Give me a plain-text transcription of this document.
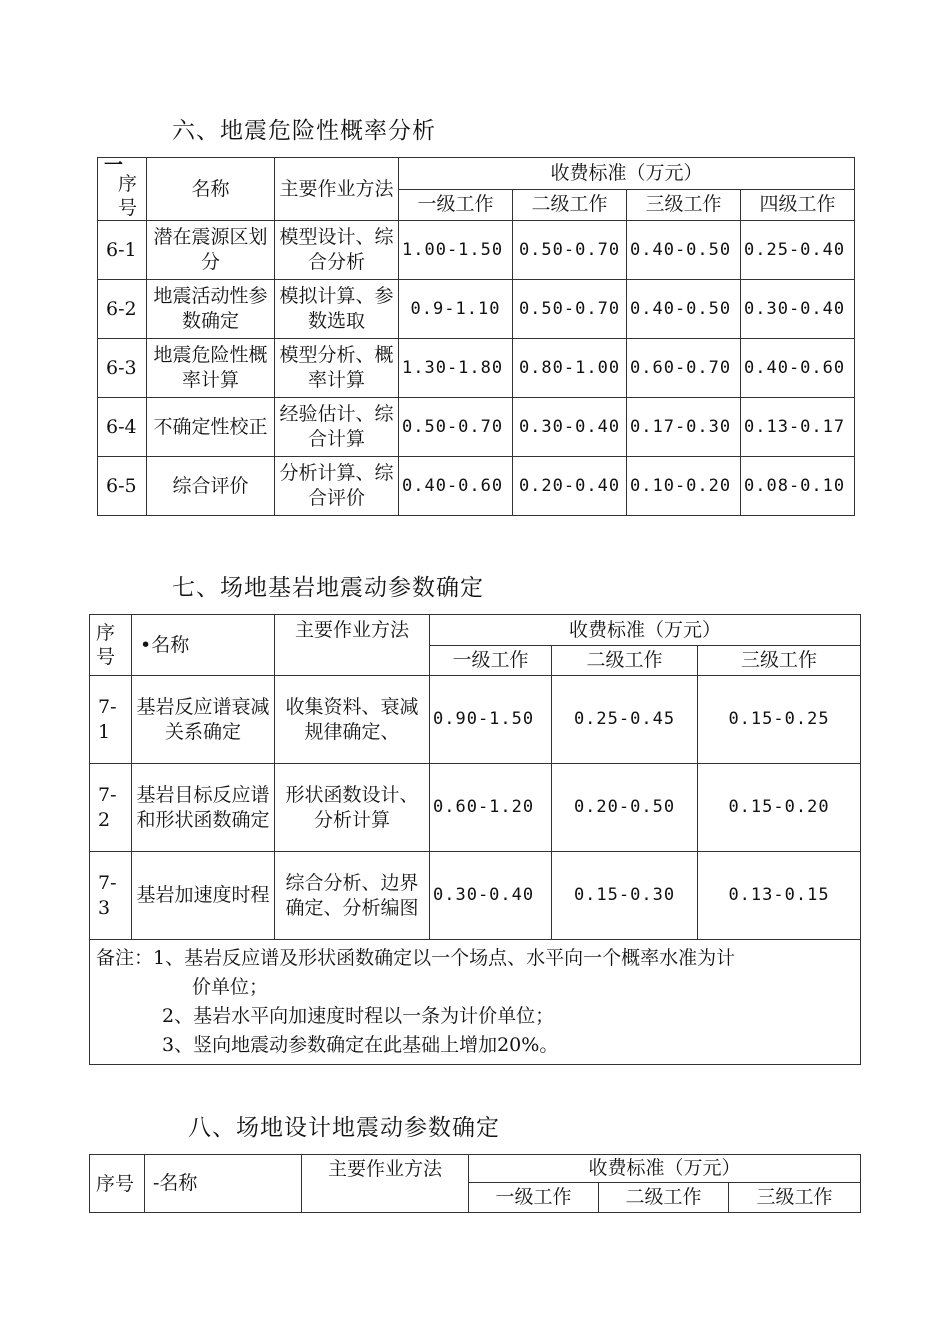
六、地震危险性概率分析
一
序号	名称	主要作业方法	收费标准（万元）			
			一级工作	二级工作	三级工作	四级工作
6-1	潜在震源区划分	模型设计、综合分析	1.00-1.50	0.50-0.70	0.40-0.50	0.25-0.40
6-2	地震活动性参数确定	模拟计算、参数选取	0.9-1.10	0.50-0.70	0.40-0.50	0.30-0.40
6-3	地震危险性概率计算	模型分析、概率计算	1.30-1.80	0.80-1.00	0.60-0.70	0.40-0.60
6-4	不确定性校正	经验估计、综合计算	0.50-0.70	0.30-0.40	0.17-0.30	0.13-0.17
6-5	综合评价	分析计算、综合评价	0.40-0.60	0.20-0.40	0.10-0.20	0.08-0.10
七、场地基岩地震动参数确定
序号	•名称	主要作业方法	收费标准（万元）		
			一级工作	二级工作	三级工作
7-1	基岩反应谱衰减关系确定	收集资料、衰减规律确定、	0.90-1.50	0.25-0.45	0.15-0.25
7-2	基岩目标反应谱和形状函数确定	形状函数设计、分析计算	0.60-1.20	0.20-0.50	0.15-0.20
7-3	基岩加速度时程	综合分析、边界确定、分析编图	0.30-0.40	0.15-0.30	0.13-0.15

备注：1、基岩反应谱及形状函数确定以一个场点、水平向一个概率水准为计
价单位；
2、基岩水平向加速度时程以一条为计价单位；
3、竖向地震动参数确定在此基础上增加20%。					
八、场地设计地震动参数确定
序号	-名称	主要作业方法	收费标准（万元）		
			一级工作	二级工作	三级工作
